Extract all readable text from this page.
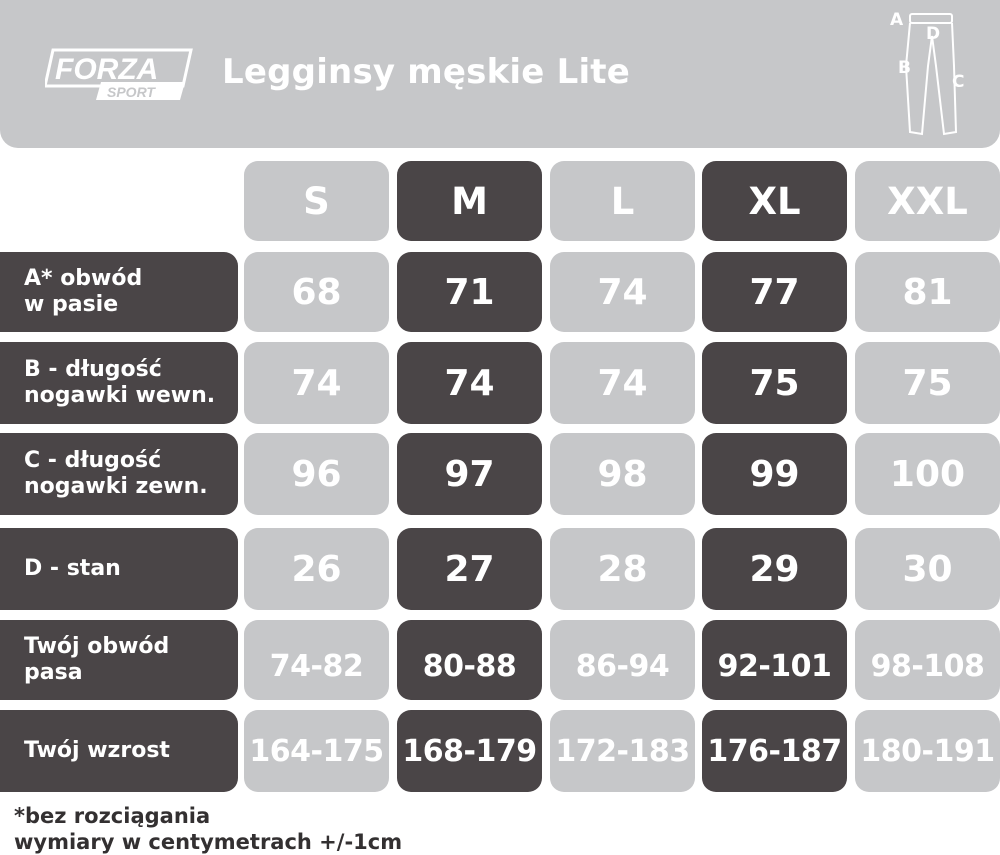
FORZA
SPORT Legginsy męskie Lite
A
D
B
C
S	M	L	XL	XXL
A* obwód
w pasie	68	71	74	77	81
B - długość
nogawki wewn.	74	74	74	75	75
C - długość
nogawki zewn.	96	97	98	99	100
D - stan	26	27	28	29	30
Twój obwód
pasa	74-82	80-88	86-94	92-101	98-108
Twój wzrost	164-175 168-179 172-183 176-187 180-191
*bez rozciągania
wymiary w centymetrach +/-1cm
